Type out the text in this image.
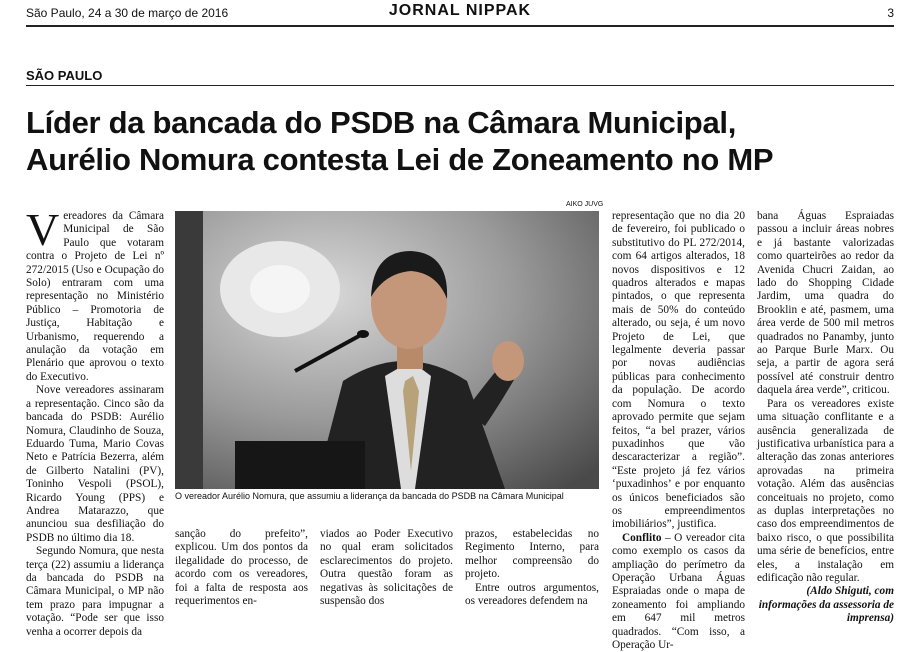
São Paulo, 24 a 30 de março de 2016	JORNAL NIPPAK	3
SÃO PAULO
Líder da bancada do PSDB na Câmara Municipal,
Aurélio Nomura contesta Lei de Zoneamento no MP

Vereadores da Câmara Municipal de São Paulo que votaram contra o Projeto de Lei nº 272/2015 (Uso e Ocupação do Solo) entraram com uma representação no Ministério Público – Promotoria de Justiça, Habitação e Urbanismo, requerendo a anulação da votação em Plenário que aprovou o texto do Executivo.

Nove vereadores assinaram a representação. Cinco são da bancada do PSDB: Aurélio Nomura, Claudinho de Souza, Eduardo Tuma, Mario Covas Neto e Patrícia Bezerra, além de Gilberto Natalini (PV), Toninho Vespoli (PSOL), Ricardo Young (PPS) e Andrea Matarazzo, que anunciou sua desfiliação do PSDB no último dia 18.

Segundo Nomura, que nesta terça (22) assumiu a liderança da bancada do PSDB na Câmara Municipal, o MP não tem prazo para impugnar a votação. “Pode ser que isso venha a ocorrer depois da

AIKO JUVG
O vereador Aurélio Nomura, que assumiu a liderança da bancada do PSDB na Câmara Municipal

sanção do prefeito”, explicou. Um dos pontos da ilegalidade do processo, de acordo com os vereadores, foi a falta de resposta aos requerimentos en-

viados ao Poder Executivo no qual eram solicitados esclarecimentos do projeto. Outra questão foram as negativas às solicitações de suspensão dos

prazos, estabelecidas no Regimento Interno, para melhor compreensão do projeto.

Entre outros argumentos, os vereadores defendem na

representação que no dia 20 de fevereiro, foi publicado o substitutivo do PL 272/2014, com 64 artigos alterados, 18 novos dispositivos e 12 quadros alterados e mapas pintados, o que representa mais de 50% do conteúdo alterado, ou seja, é um novo Projeto de Lei, que legalmente deveria passar por novas audiências públicas para conhecimento da população. De acordo com Nomura o texto aprovado permite que sejam feitos, “a bel prazer, vários puxadinhos que vão descaracterizar a região”. “Este projeto já fez vários ‘puxadinhos’ e por enquanto os únicos beneficiados são os empreendimentos imobiliários”, justifica.

Conflito – O vereador cita como exemplo os casos da ampliação do perímetro da Operação Urbana Águas Espraiadas onde o mapa de zoneamento foi ampliando em 647 mil metros quadrados. “Com isso, a Operação Ur-

bana Águas Espraiadas passou a incluir áreas nobres e já bastante valorizadas como quarteirões ao redor da Avenida Chucri Zaidan, ao lado do Shopping Cidade Jardim, uma quadra do Brooklin e até, pasmem, uma área verde de 500 mil metros quadrados no Panamby, junto ao Parque Burle Marx. Ou seja, a partir de agora será possível até construir dentro daquela área verde”, criticou.

Para os vereadores existe uma situação conflitante e a ausência generalizada de justificativa urbanística para a alteração das zonas anteriores aprovadas na primeira votação. Além das ausências conceituais no projeto, como as duplas interpretações no caso dos empreendimentos de baixo risco, o que possibilita uma série de benefícios, entre eles, a instalação em edificação não regular.

(Aldo Shiguti, com informações da assessoria de imprensa)
